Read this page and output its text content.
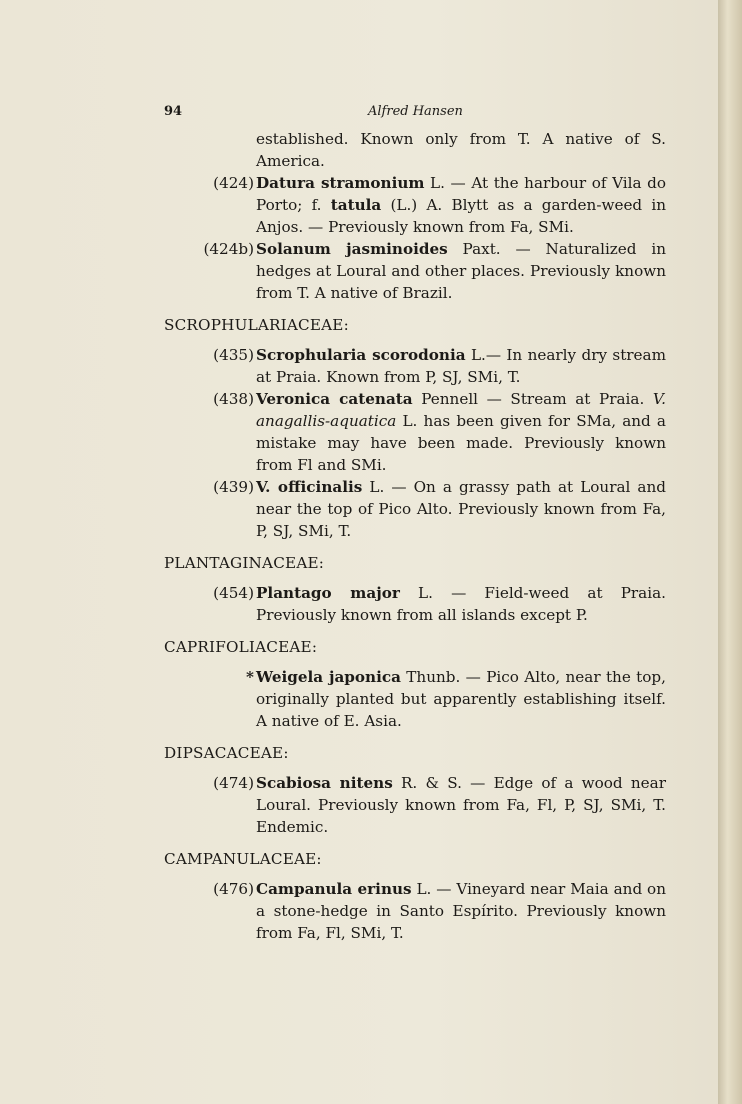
94	Alfred Hansen
established. Known only from T. A native of S. America.
(424) Datura stramonium L. — At the harbour of Vila do Porto; f. tatula (L.) A. Blytt as a garden-weed in Anjos. — Previously known from Fa, SMi.
(424b) Solanum jasminoides Paxt. — Naturalized in hedges at Loural and other places. Previously known from T. A native of Brazil.
SCROPHULARIACEAE:
(435) Scrophularia scorodonia L.— In nearly dry stream at Praia. Known from P, SJ, SMi, T.
(438) Veronica catenata Pennell — Stream at Praia. V. anagallis-aquatica L. has been given for SMa, and a mistake may have been made. Previously known from Fl and SMi.
(439) V. officinalis L. — On a grassy path at Loural and near the top of Pico Alto. Previously known from Fa, P, SJ, SMi, T.
PLANTAGINACEAE:
(454) Plantago major L. — Field-weed at Praia. Previously known from all islands except P.
CAPRIFOLIACEAE:
* Weigela japonica Thunb. — Pico Alto, near the top, originally planted but apparently establishing itself. A native of E. Asia.
DIPSACACEAE:
(474) Scabiosa nitens R. & S. — Edge of a wood near Loural. Previously known from Fa, Fl, P, SJ, SMi, T. Endemic.
CAMPANULACEAE:
(476) Campanula erinus L. — Vineyard near Maia and on a stone-hedge in Santo Espírito. Previously known from Fa, Fl, SMi, T.
